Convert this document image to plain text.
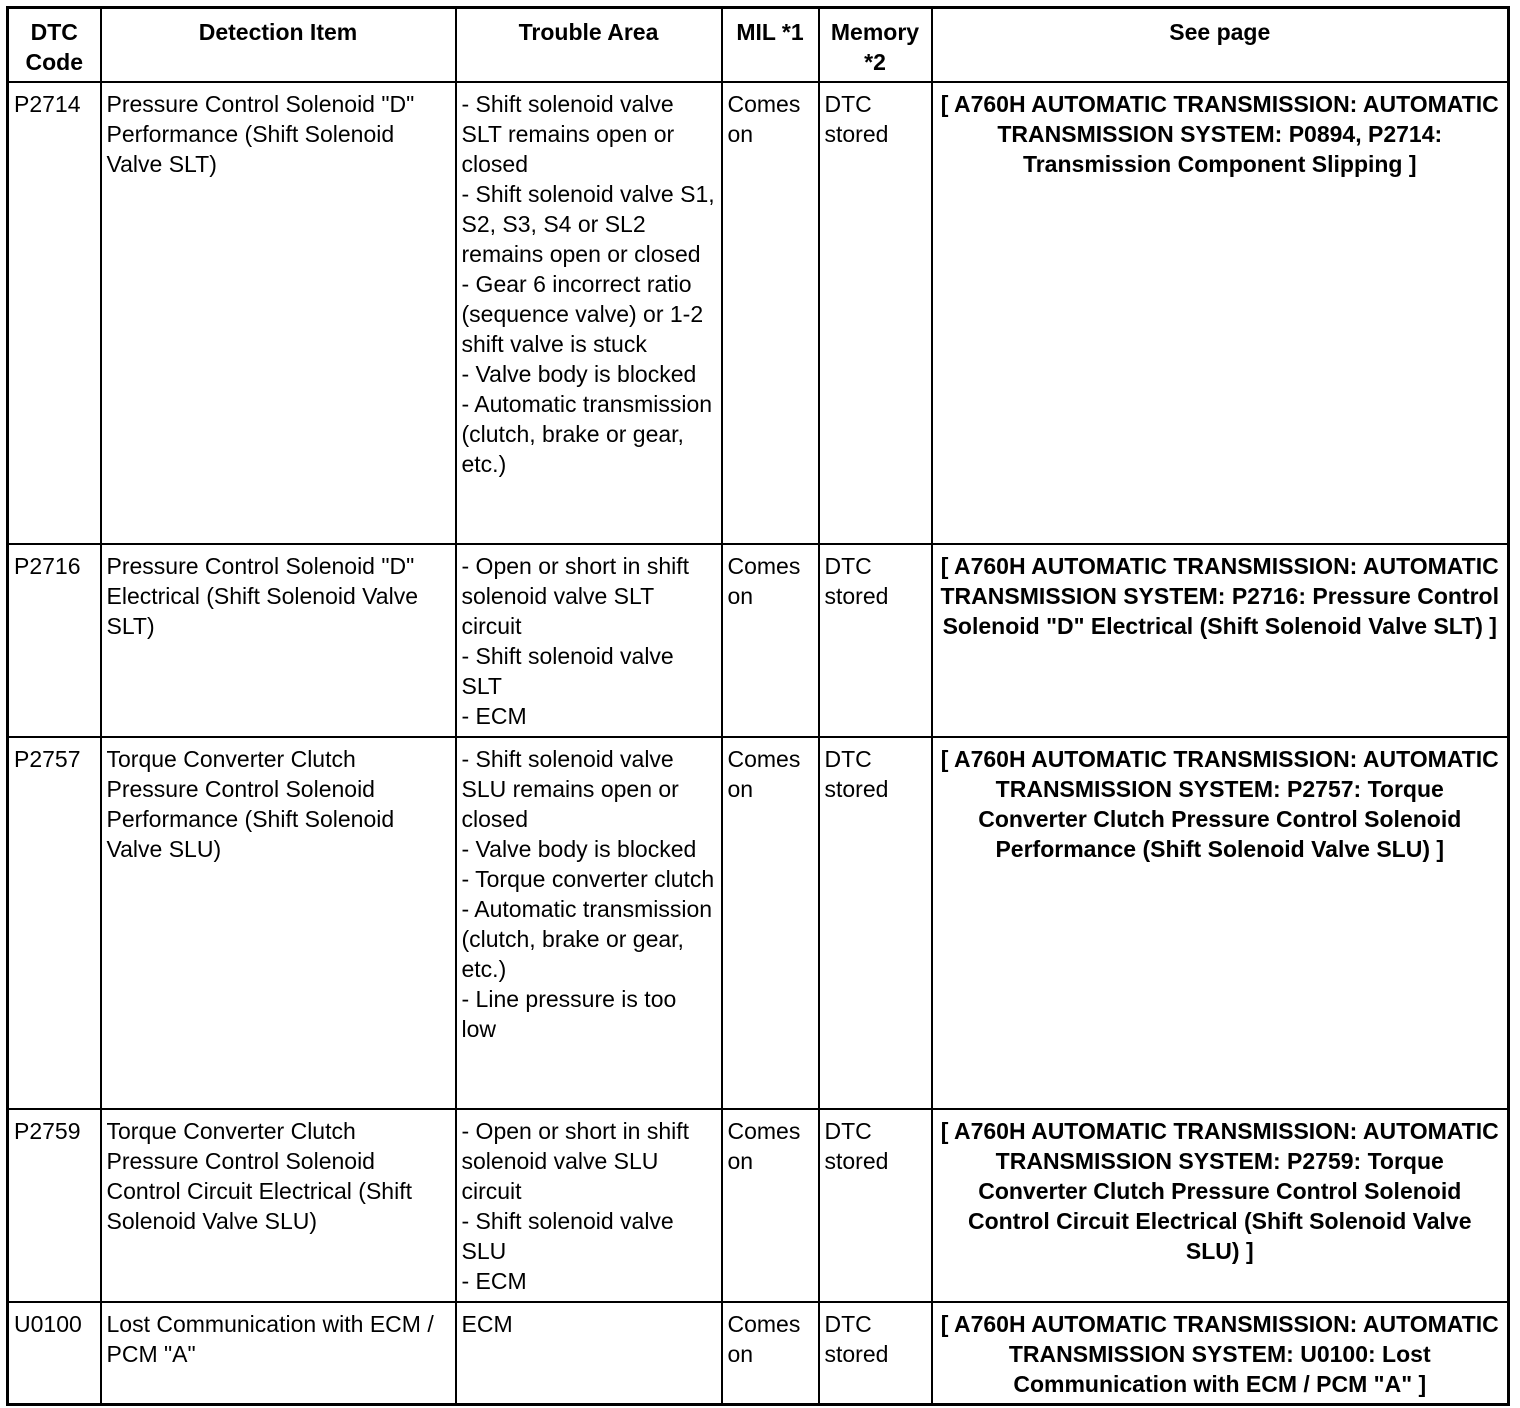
DTC Code	Detection Item	Trouble Area	MIL *1	Memory *2	See page
P2714	Pressure Control Solenoid "D" Performance (Shift Solenoid Valve SLT)	- Shift solenoid valve SLT remains open or closed
- Shift solenoid valve S1, S2, S3, S4 or SL2 remains open or closed
- Gear 6 incorrect ratio (sequence valve) or 1-2 shift valve is stuck
- Valve body is blocked
- Automatic transmission (clutch, brake or gear, etc.)	Comes on	DTC stored	[ A760H AUTOMATIC TRANSMISSION: AUTOMATIC TRANSMISSION SYSTEM: P0894, P2714: Transmission Component Slipping ]
P2716	Pressure Control Solenoid "D" Electrical (Shift Solenoid Valve SLT)	- Open or short in shift solenoid valve SLT circuit
- Shift solenoid valve SLT
- ECM	Comes on	DTC stored	[ A760H AUTOMATIC TRANSMISSION: AUTOMATIC TRANSMISSION SYSTEM: P2716: Pressure Control Solenoid "D" Electrical (Shift Solenoid Valve SLT) ]
P2757	Torque Converter Clutch Pressure Control Solenoid Performance (Shift Solenoid Valve SLU)	- Shift solenoid valve SLU remains open or closed
- Valve body is blocked
- Torque converter clutch
- Automatic transmission (clutch, brake or gear, etc.)
- Line pressure is too low	Comes on	DTC stored	[ A760H AUTOMATIC TRANSMISSION: AUTOMATIC TRANSMISSION SYSTEM: P2757: Torque Converter Clutch Pressure Control Solenoid Performance (Shift Solenoid Valve SLU) ]
P2759	Torque Converter Clutch Pressure Control Solenoid Control Circuit Electrical (Shift Solenoid Valve SLU)	- Open or short in shift solenoid valve SLU circuit
- Shift solenoid valve SLU
- ECM	Comes on	DTC stored	[ A760H AUTOMATIC TRANSMISSION: AUTOMATIC TRANSMISSION SYSTEM: P2759: Torque Converter Clutch Pressure Control Solenoid Control Circuit Electrical (Shift Solenoid Valve SLU) ]
U0100	Lost Communication with ECM / PCM "A"	ECM	Comes on	DTC stored	[ A760H AUTOMATIC TRANSMISSION: AUTOMATIC TRANSMISSION SYSTEM: U0100: Lost Communication with ECM / PCM "A" ]
